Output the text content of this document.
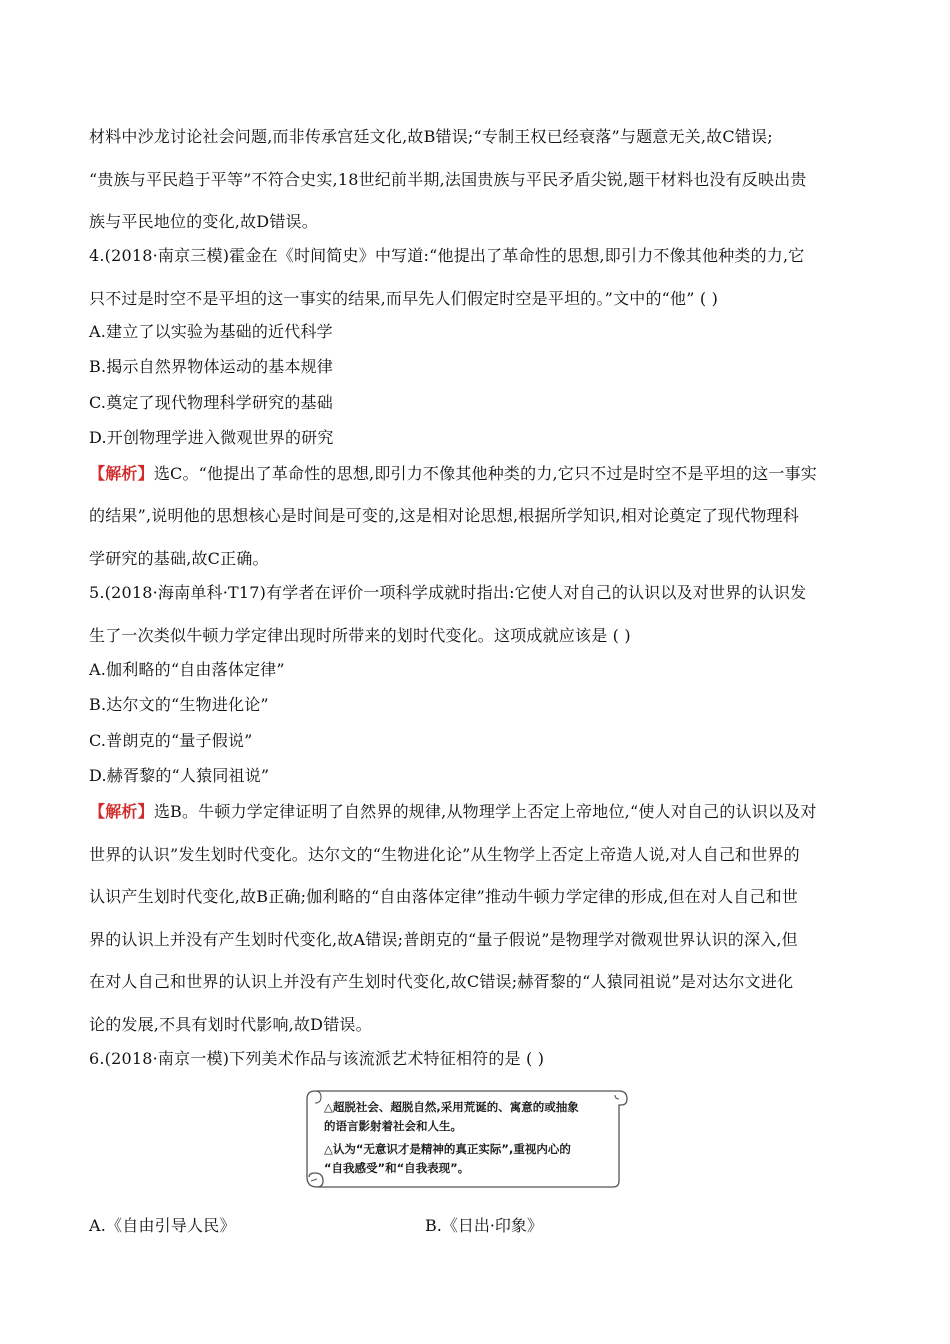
材料中沙龙讨论社会问题,而非传承宫廷文化,故B错误;“专制王权已经衰落”与题意无关,故C错误;
“贵族与平民趋于平等”不符合史实,18世纪前半期,法国贵族与平民矛盾尖锐,题干材料也没有反映出贵
族与平民地位的变化,故D错误。
4.(2018·南京三模)霍金在《时间简史》中写道:“他提出了革命性的思想,即引力不像其他种类的力,它
只不过是时空不是平坦的这一事实的结果,而早先人们假定时空是平坦的。”文中的“他” ( )
A.建立了以实验为基础的近代科学
B.揭示自然界物体运动的基本规律
C.奠定了现代物理科学研究的基础
D.开创物理学进入微观世界的研究
【解析】选C。“他提出了革命性的思想,即引力不像其他种类的力,它只不过是时空不是平坦的这一事实
的结果”,说明他的思想核心是时间是可变的,这是相对论思想,根据所学知识,相对论奠定了现代物理科
学研究的基础,故C正确。
5.(2018·海南单科·T17)有学者在评价一项科学成就时指出:它使人对自己的认识以及对世界的认识发
生了一次类似牛顿力学定律出现时所带来的划时代变化。这项成就应该是 ( )
A.伽利略的“自由落体定律”
B.达尔文的“生物进化论”
C.普朗克的“量子假说”
D.赫胥黎的“人猿同祖说”
【解析】选B。牛顿力学定律证明了自然界的规律,从物理学上否定上帝地位,“使人对自己的认识以及对
世界的认识”发生划时代变化。达尔文的“生物进化论”从生物学上否定上帝造人说,对人自己和世界的
认识产生划时代变化,故B正确;伽利略的“自由落体定律”推动牛顿力学定律的形成,但在对人自己和世
界的认识上并没有产生划时代变化,故A错误;普朗克的“量子假说”是物理学对微观世界认识的深入,但
在对人自己和世界的认识上并没有产生划时代变化,故C错误;赫胥黎的“人猿同祖说”是对达尔文进化
论的发展,不具有划时代影响,故D错误。
6.(2018·南京一模)下列美术作品与该流派艺术特征相符的是 ( )

△超脱社会、超脱自然,采用荒诞的、寓意的或抽象

的语言影射着社会和人生。

△认为“无意识才是精神的真正实际”,重视内心的

“自我感受”和“自我表现”。

A.《自由引导人民》	B.《日出·印象》
